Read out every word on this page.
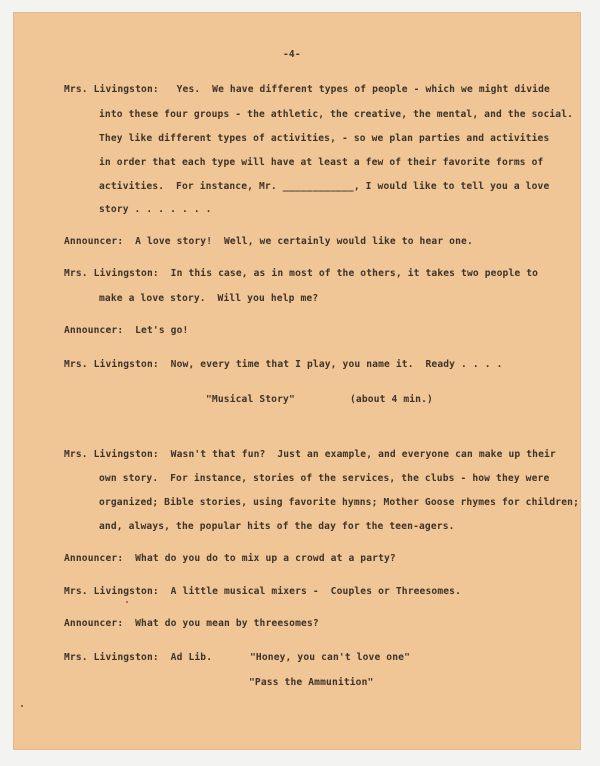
-4-
Mrs. Livingston:   Yes.  We have different types of people - which we might divide
into these four groups - the athletic, the creative, the mental, and the social.
They like different types of activities, - so we plan parties and activities
in order that each type will have at least a few of their favorite forms of
activities.  For instance, Mr. ____________, I would like to tell you a love
story . . . . . . .
Announcer:  A love story!  Well, we certainly would like to hear one.
Mrs. Livingston:  In this case, as in most of the others, it takes two people to
make a love story.  Will you help me?
Announcer:  Let's go!
Mrs. Livingston:  Now, every time that I play, you name it.  Ready . . . .
"Musical Story"	(about 4 min.)
Mrs. Livingston:  Wasn't that fun?  Just an example, and everyone can make up their
own story.  For instance, stories of the services, the clubs - how they were
organized; Bible stories, using favorite hymns; Mother Goose rhymes for children;
and, always, the popular hits of the day for the teen-agers.
Announcer:  What do you do to mix up a crowd at a party?
Mrs. Livingston:  A little musical mixers -  Couples or Threesomes.
Announcer:  What do you mean by threesomes?
Mrs. Livingston:  Ad Lib.	"Honey, you can't love one"
"Pass the Ammunition"
